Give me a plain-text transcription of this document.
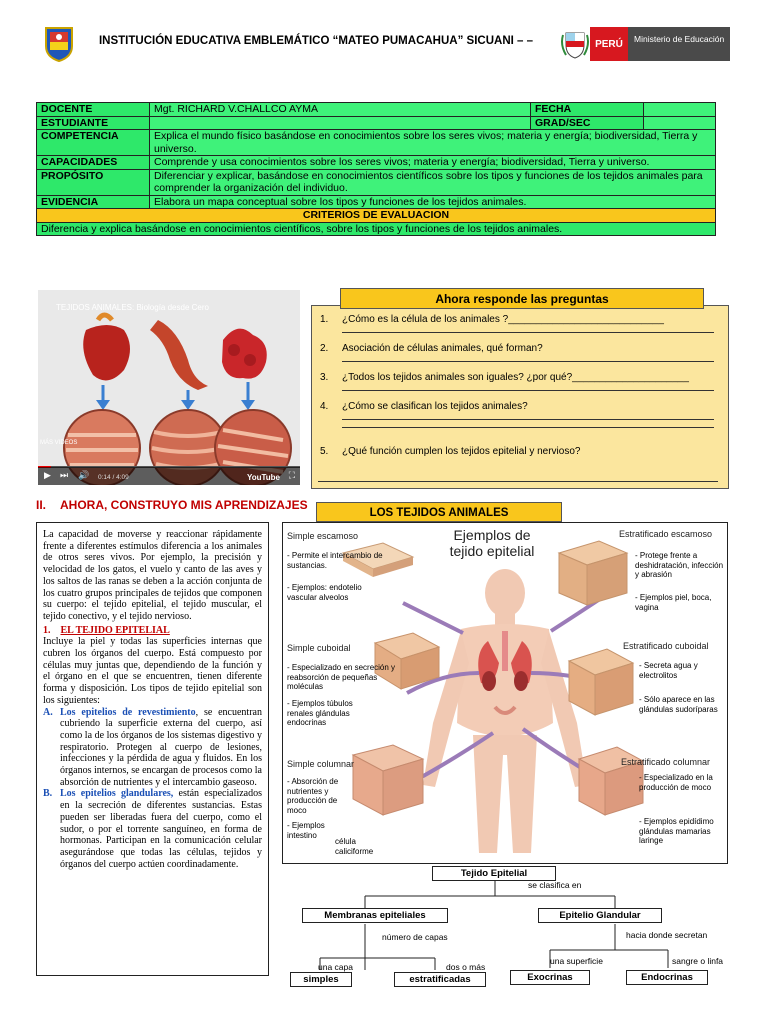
INSTITUCIÓN EDUCATIVA EMBLEMÁTICO “MATEO PUMACAHUA” SICUANI – –	PERÚ	Ministerio de Educación
DOCENTE	Mgt. RICHARD V.CHALLCO AYMA	FECHA	
ESTUDIANTE		GRAD/SEC	
COMPETENCIA	Explica el mundo físico basándose en conocimientos sobre los seres vivos; materia y energía; biodiversidad, Tierra y universo.		
CAPACIDADES	Comprende y usa conocimientos sobre los seres vivos; materia y energía; biodiversidad, Tierra y universo.		
PROPÓSITO	Diferenciar y explicar, basándose en conocimientos científicos sobre los tipos y funciones de los tejidos animales para comprender la organización del individuo.		
EVIDENCIA	Elabora un mapa conceptual sobre los tipos y funciones de los tejidos animales.		
CRITERIOS DE EVALUACION			
Diferencia y explica basándose en conocimientos científicos, sobre los tipos y funciones de los tejidos animales.			
TEJIDOS ANIMALES: Biología desde Cero
MÁS VIDEOS
▶ ⏭ 🔊 0:14 / 4:09	YouTube ⛶
Ahora responde las preguntas
1.	¿Cómo es la célula de los animales ?____________________________
2.	Asociación de células animales, qué forman?
3.	¿Todos los tejidos animales son iguales? ¿por qué?_____________________
4.	¿Cómo se clasifican los tejidos animales?
5.	¿Qué función cumplen los tejidos epitelial y nervioso?
II. AHORA, CONSTRUYO MIS APRENDIZAJES
LOS TEJIDOS ANIMALES

La capacidad de moverse y reaccionar rápidamente frente a diferentes estímulos diferencia a los animales de otros seres vivos. Por ejemplo, la precisión y velocidad de los gatos, el vuelo y canto de las aves y los saltos de las ranas se deben a la acción conjunta de los cuatro grupos principales de tejidos que componen su cuerpo: el tejido epitelial, el tejido muscular, el tejido conectivo, y el tejido nervioso.

1. EL TEJIDO EPITELIAL

Incluye la piel y todas las superficies internas que cubren los órganos del cuerpo. Está compuesto por células muy juntas que, dependiendo de la función y el órgano en el que se encuentren, tienen diferente forma y disposición. Los tipos de tejido epitelial son los siguientes:

A. Los epitelios de revestimiento, se encuentran cubriendo la superficie externa del cuerpo, así como la de los órganos de los sistemas digestivo y respiratorio. Protegen al cuerpo de lesiones, infecciones y la pérdida de agua y fluidos. En los órganos internos, se encargan de procesos como la absorción de nutrientes y el intercambio gaseoso.

B. Los epitelios glandulares, están especializados en la secreción de diferentes sustancias. Estas pueden ser liberadas fuera del cuerpo, como el sudor, o por el torrente sanguíneo, en forma de hormonas. Participan en la comunicación celular asegurándose que todas las células, tejidos y órganos del cuerpo actúen coordinadamente.

Ejemplos de tejido epitelial
Simple escamoso
- Permite el intercambio de sustancias.
- Ejemplos: endotelio vascular alveolos
Simple cuboidal
- Especializado en secreción y reabsorción de pequeñas moléculas
- Ejemplos túbulos renales glándulas endocrinas
Simple columnar
- Absorción de nutrientes y producción de moco
- Ejemplos intestino
célula caliciforme
Estratificado escamoso
- Protege frente a deshidratación, infección y abrasión
- Ejemplos piel, boca, vagina
Estratificado cuboidal
- Secreta agua y electrolitos
- Sólo aparece en las glándulas sudoríparas
Estratificado columnar
- Especializado en la producción de moco
- Ejemplos epidídimo glándulas mamarias laringe
Tejido Epitelial
se clasifica en
Membranas epiteliales	Epitelio Glandular
número de capas	hacia donde secretan
una capa	dos o más
una superficie	sangre o linfa
simples	estratificadas	Exocrinas	Endocrinas
